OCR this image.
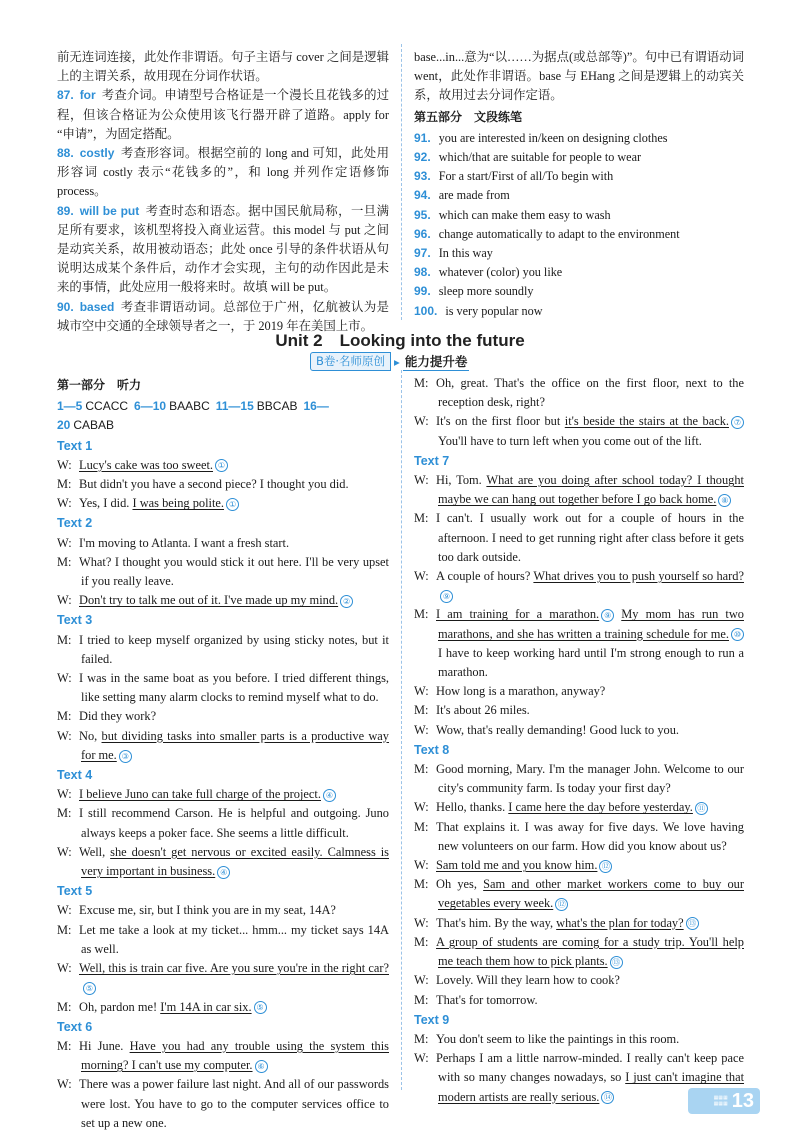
前无连词连接，此处作非谓语。句子主语与 cover 之间是逻辑上的主谓关系，故用现在分词作状语。

87. for 考查介词。申请型号合格证是一个漫长且花钱多的过程，但该合格证为公众使用该飞行器开辟了道路。apply for “申请”，为固定搭配。

88. costly 考查形容词。根据空前的 long and 可知，此处用形容词 costly 表示“花钱多的”，和 long 并列作定语修饰 process。

89. will be put 考查时态和语态。据中国民航局称，一旦满足所有要求，该机型将投入商业运营。this model 与 put 之间是动宾关系，故用被动语态；此处 once 引导的条件状语从句说明达成某个条件后，动作才会实现，主句的动作因此是未来的事情，此处应用一般将来时。故填 will be put。

90. based 考查非谓语动词。总部位于广州，亿航被认为是城市空中交通的全球领导者之一，于 2019 年在美国上市。

base...in...意为“以……为据点(或总部等)”。句中已有谓语动词 went，此处作非谓语。base 与 EHang 之间是逻辑上的动宾关系，故用过去分词作定语。

第五部分　文段练笔

91. you are interested in/keen on designing clothes

92. which/that are suitable for people to wear

93. For a start/First of all/To begin with

94. are made from

95. which can make them easy to wash

96. change automatically to adapt to the environment

97. In this way

98. whatever (color) you like

99. sleep more soundly

100. is very popular now

Unit 2　Looking into the future
B卷·名师原创 ▸ 能力提升卷

第一部分　听力

1—5 CCACC 6—10 BAABC 11—15 BBCAB 16—20 CABAB

Text 1

W: Lucy's cake was too sweet. ①

M: But didn't you have a second piece? I thought you did.

W: Yes, I did. I was being polite. ①

Text 2

W: I'm moving to Atlanta. I want a fresh start.

M: What? I thought you would stick it out here. I'll be very upset if you really leave.

W: Don't try to talk me out of it. I've made up my mind. ②

Text 3

M: I tried to keep myself organized by using sticky notes, but it failed.

W: I was in the same boat as you before. I tried different things, like setting many alarm clocks to remind myself what to do.

M: Did they work?

W: No, but dividing tasks into smaller parts is a productive way for me. ③

Text 4

W: I believe Juno can take full charge of the project. ④

M: I still recommend Carson. He is helpful and outgoing. Juno always keeps a poker face. She seems a little difficult.

W: Well, she doesn't get nervous or excited easily. Calmness is very important in business. ④

Text 5

W: Excuse me, sir, but I think you are in my seat, 14A?

M: Let me take a look at my ticket... hmm... my ticket says 14A as well.

W: Well, this is train car five. Are you sure you're in the right car?⑤

M: Oh, pardon me! I'm 14A in car six. ⑤

Text 6

M: Hi June. Have you had any trouble using the system this morning? I can't use my computer. ⑥

W: There was a power failure last night. And all of our passwords were lost. You have to go to the computer services office to set up a new one.

M: Oh, great. That's the office on the first floor, next to the reception desk, right?

W: It's on the first floor but it's beside the stairs at the back. ⑦ You'll have to turn left when you come out of the lift.

Text 7

W: Hi, Tom. What are you doing after school today? I thought maybe we can hang out together before I go back home. ⑧

M: I can't. I usually work out for a couple of hours in the afternoon. I need to get running right after class before it gets too dark outside.

W: A couple of hours? What drives you to push yourself so hard?⑨

M: I am training for a marathon. ⑨ My mom has run two marathons, and she has written a training schedule for me. ⑩ I have to keep working hard until I'm strong enough to run a marathon.

W: How long is a marathon, anyway?

M: It's about 26 miles.

W: Wow, that's really demanding! Good luck to you.

Text 8

M: Good morning, Mary. I'm the manager John. Welcome to our city's community farm. Is today your first day?

W: Hello, thanks. I came here the day before yesterday. ⑪

M: That explains it. I was away for five days. We love having new volunteers on our farm. How did you know about us?

W: Sam told me and you know him. ⑫

M: Oh yes, Sam and other market workers come to buy our vegetables every week. ⑫

W: That's him. By the way, what's the plan for today? ⑬

M: A group of students are coming for a study trip. You'll help me teach them how to pick plants. ⑬

W: Lovely. Will they learn how to cook?

M: That's for tomorrow.

Text 9

M: You don't seem to like the paintings in this room.

W: Perhaps I am a little narrow-minded. I really can't keep pace with so many changes nowadays, so I just can't imagine that modern artists are really serious. ⑭	▦▦▦
▦▦▦ 13
